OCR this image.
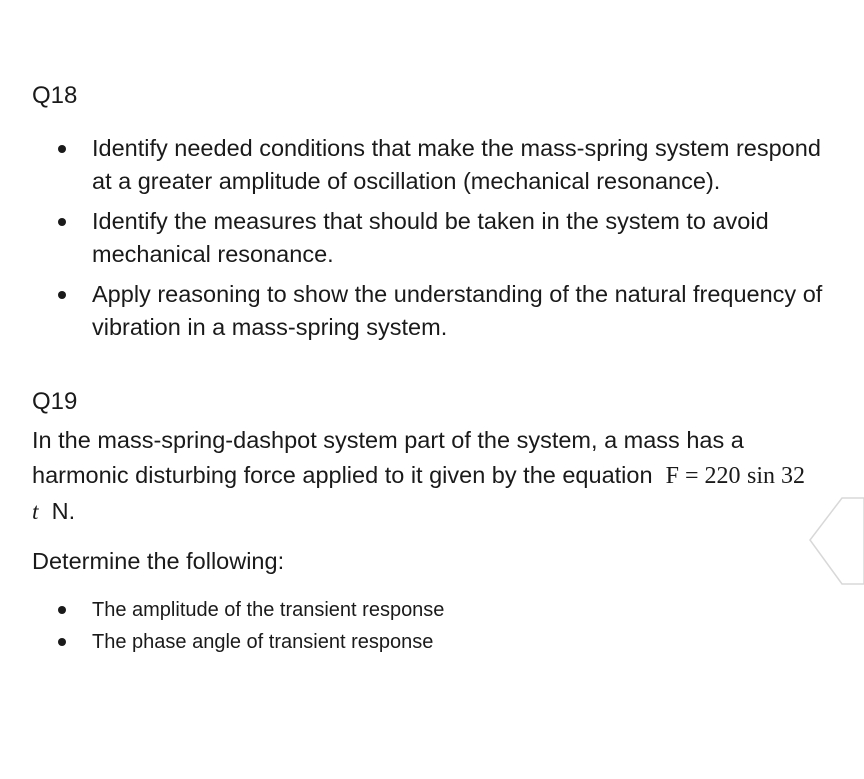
Q18
Identify needed conditions that make the mass-spring system respond at a greater amplitude of oscillation (mechanical resonance).
Identify the measures that should be taken in the system to avoid mechanical resonance.
Apply reasoning to show the understanding of the natural frequency of vibration in a mass-spring system.
Q19

In the mass-spring-dashpot system part of the system, a mass has a harmonic disturbing force applied to it given by the equation F = 220 sin 32 t N.

Determine the following:

The amplitude of the transient response
The phase angle of transient response
